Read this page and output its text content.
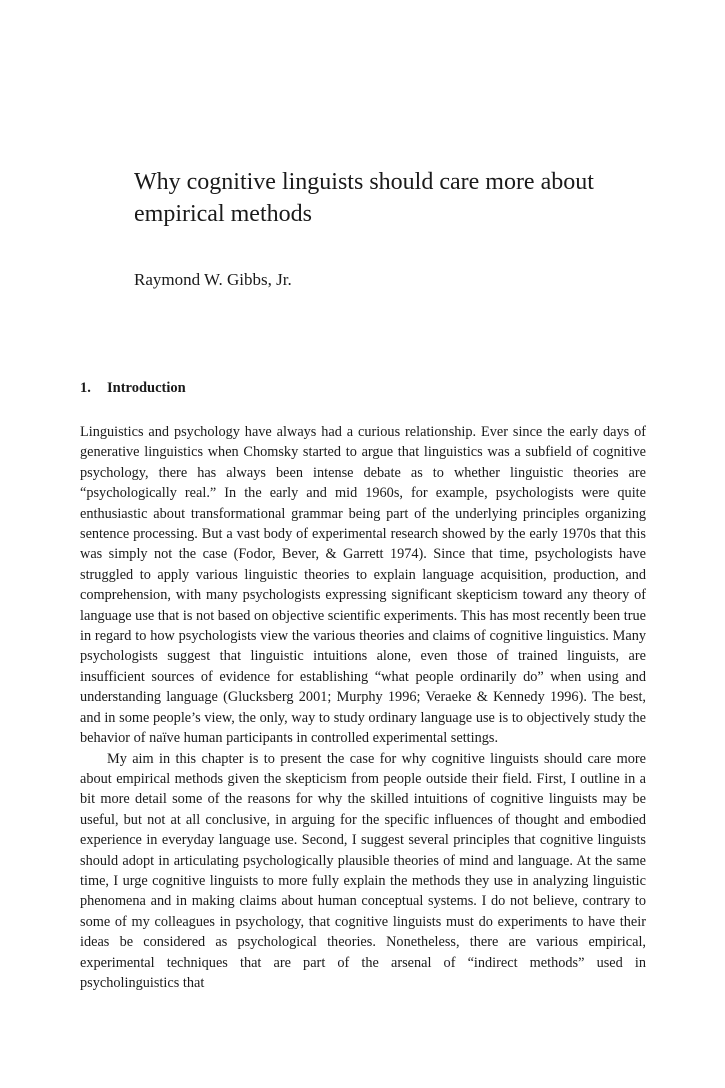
Why cognitive linguists should care more about empirical methods

Raymond W. Gibbs, Jr.

1. Introduction

Linguistics and psychology have always had a curious relationship. Ever since the early days of generative linguistics when Chomsky started to argue that linguistics was a subfield of cognitive psychology, there has always been intense debate as to whether linguistic theories are “psychologically real.” In the early and mid 1960s, for example, psychologists were quite enthusiastic about transformational grammar being part of the underlying principles organizing sentence processing. But a vast body of experimental research showed by the early 1970s that this was simply not the case (Fodor, Bever, & Garrett 1974). Since that time, psychologists have struggled to apply various linguistic theories to explain language acquisition, production, and comprehension, with many psychologists expressing significant skepticism toward any theory of language use that is not based on objective scientific experiments. This has most recently been true in regard to how psychologists view the various theories and claims of cognitive linguistics. Many psychologists suggest that linguistic intuitions alone, even those of trained linguists, are insufficient sources of evidence for establishing “what people ordinarily do” when using and understanding language (Glucksberg 2001; Murphy 1996; Veraeke & Kennedy 1996). The best, and in some people’s view, the only, way to study ordinary language use is to objectively study the behavior of naïve human participants in controlled experimental settings.

My aim in this chapter is to present the case for why cognitive linguists should care more about empirical methods given the skepticism from people outside their field. First, I outline in a bit more detail some of the reasons for why the skilled intuitions of cognitive linguists may be useful, but not at all conclusive, in arguing for the specific influences of thought and embodied experience in everyday language use. Second, I suggest several principles that cognitive linguists should adopt in articulating psychologically plausible theories of mind and language. At the same time, I urge cognitive linguists to more fully explain the methods they use in analyzing linguistic phenomena and in making claims about human conceptual systems. I do not believe, contrary to some of my colleagues in psychology, that cognitive linguists must do experiments to have their ideas be considered as psychological theories. Nonetheless, there are various empirical, experimental techniques that are part of the arsenal of “indirect methods” used in psycholinguistics that
